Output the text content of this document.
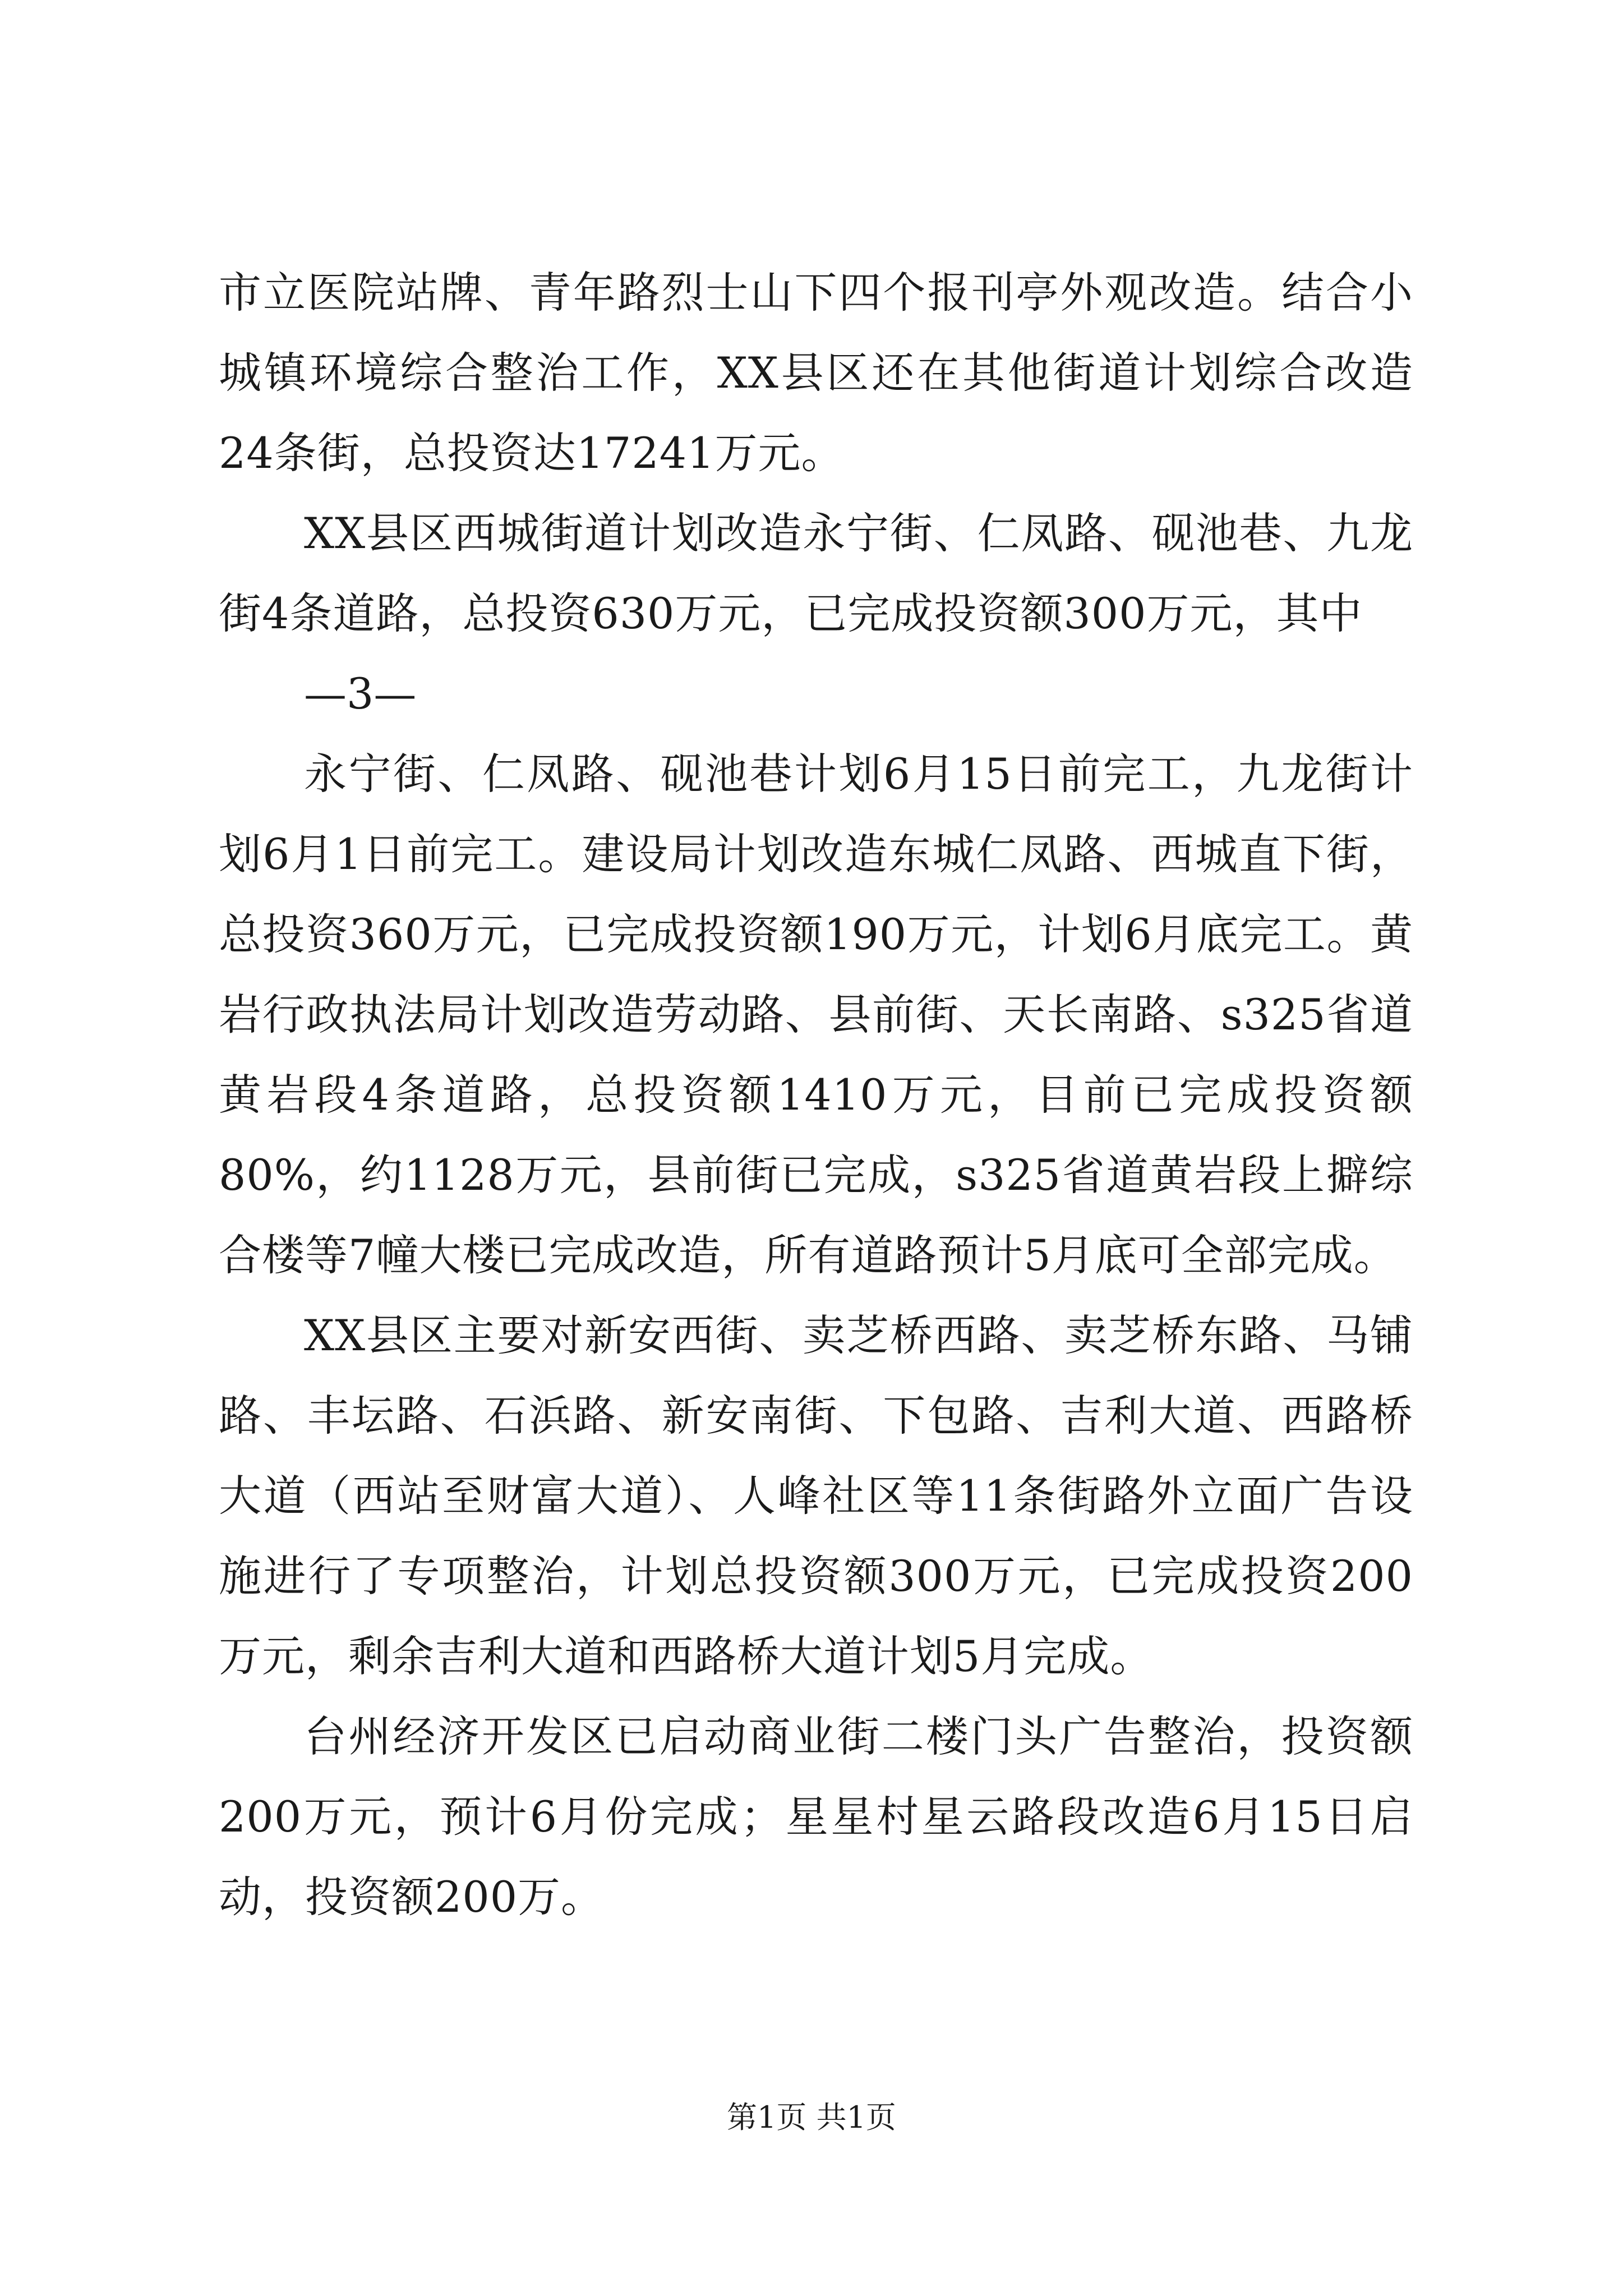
市立医院站牌、青年路烈士山下四个报刊亭外观改造。结合小城镇环境综合整治工作，XX县区还在其他街道计划综合改造24条街，总投资达17241万元。

XX县区西城街道计划改造永宁街、仁凤路、砚池巷、九龙街4条道路，总投资630万元，已完成投资额300万元，其中

—3—

永宁街、仁凤路、砚池巷计划6月15日前完工，九龙街计划6月1日前完工。建设局计划改造东城仁凤路、西城直下街，总投资360万元，已完成投资额190万元，计划6月底完工。黄岩行政执法局计划改造劳动路、县前街、天长南路、s325省道黄岩段4条道路，总投资额1410万元，目前已完成投资额80%，约1128万元，县前街已完成，s325省道黄岩段上擗综合楼等7幢大楼已完成改造，所有道路预计5月底可全部完成。

XX县区主要对新安西街、卖芝桥西路、卖芝桥东路、马铺路、丰坛路、石浜路、新安南街、下包路、吉利大道、西路桥大道（西站至财富大道）、人峰社区等11条街路外立面广告设施进行了专项整治，计划总投资额300万元，已完成投资200万元，剩余吉利大道和西路桥大道计划5月完成。

台州经济开发区已启动商业街二楼门头广告整治，投资额200万元，预计6月份完成；星星村星云路段改造6月15日启动，投资额200万。

第1页 共1页
